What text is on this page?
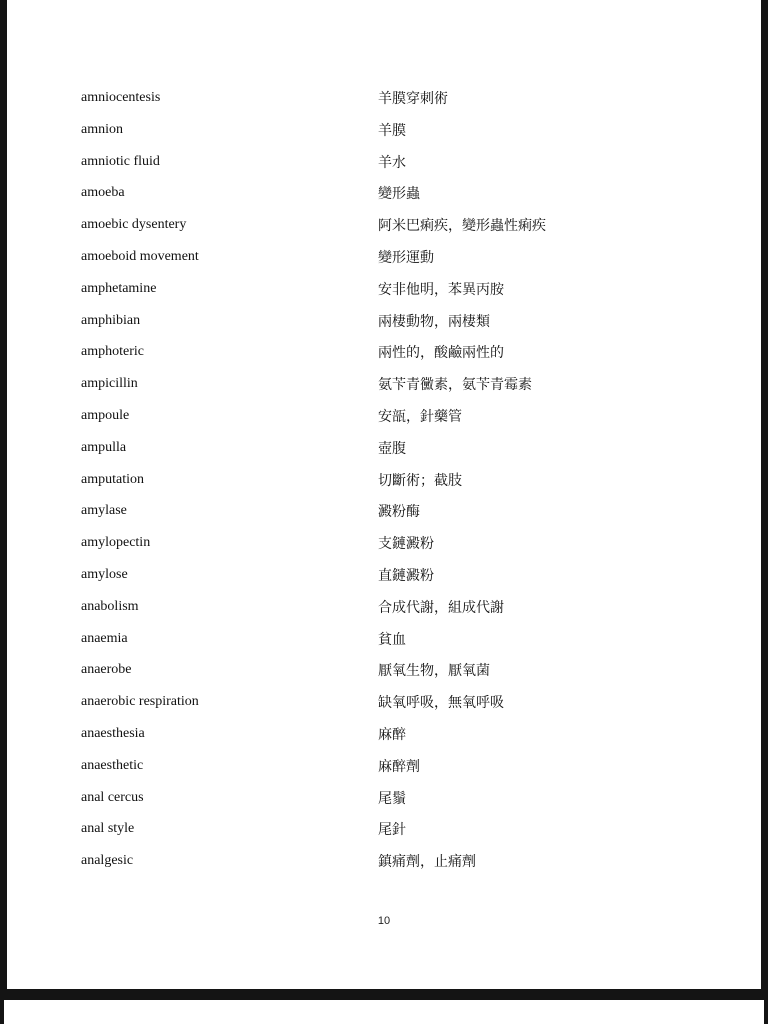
amniocentesis	羊膜穿刺術
amnion	羊膜
amniotic fluid	羊水
amoeba	變形蟲
amoebic dysentery	阿米巴痢疾，變形蟲性痢疾
amoeboid movement	變形運動
amphetamine	安非他明，苯異丙胺
amphibian	兩棲動物，兩棲類
amphoteric	兩性的，酸鹼兩性的
ampicillin	氨苄青黴素，氨苄青霉素
ampoule	安瓿，針藥管
ampulla	壺腹
amputation	切斷術；截肢
amylase	澱粉酶
amylopectin	支鏈澱粉
amylose	直鏈澱粉
anabolism	合成代謝，組成代謝
anaemia	貧血
anaerobe	厭氧生物，厭氧菌
anaerobic respiration	缺氧呼吸，無氧呼吸
anaesthesia	麻醉
anaesthetic	麻醉劑
anal cercus	尾鬚
anal style	尾針
analgesic	鎮痛劑，止痛劑
10
